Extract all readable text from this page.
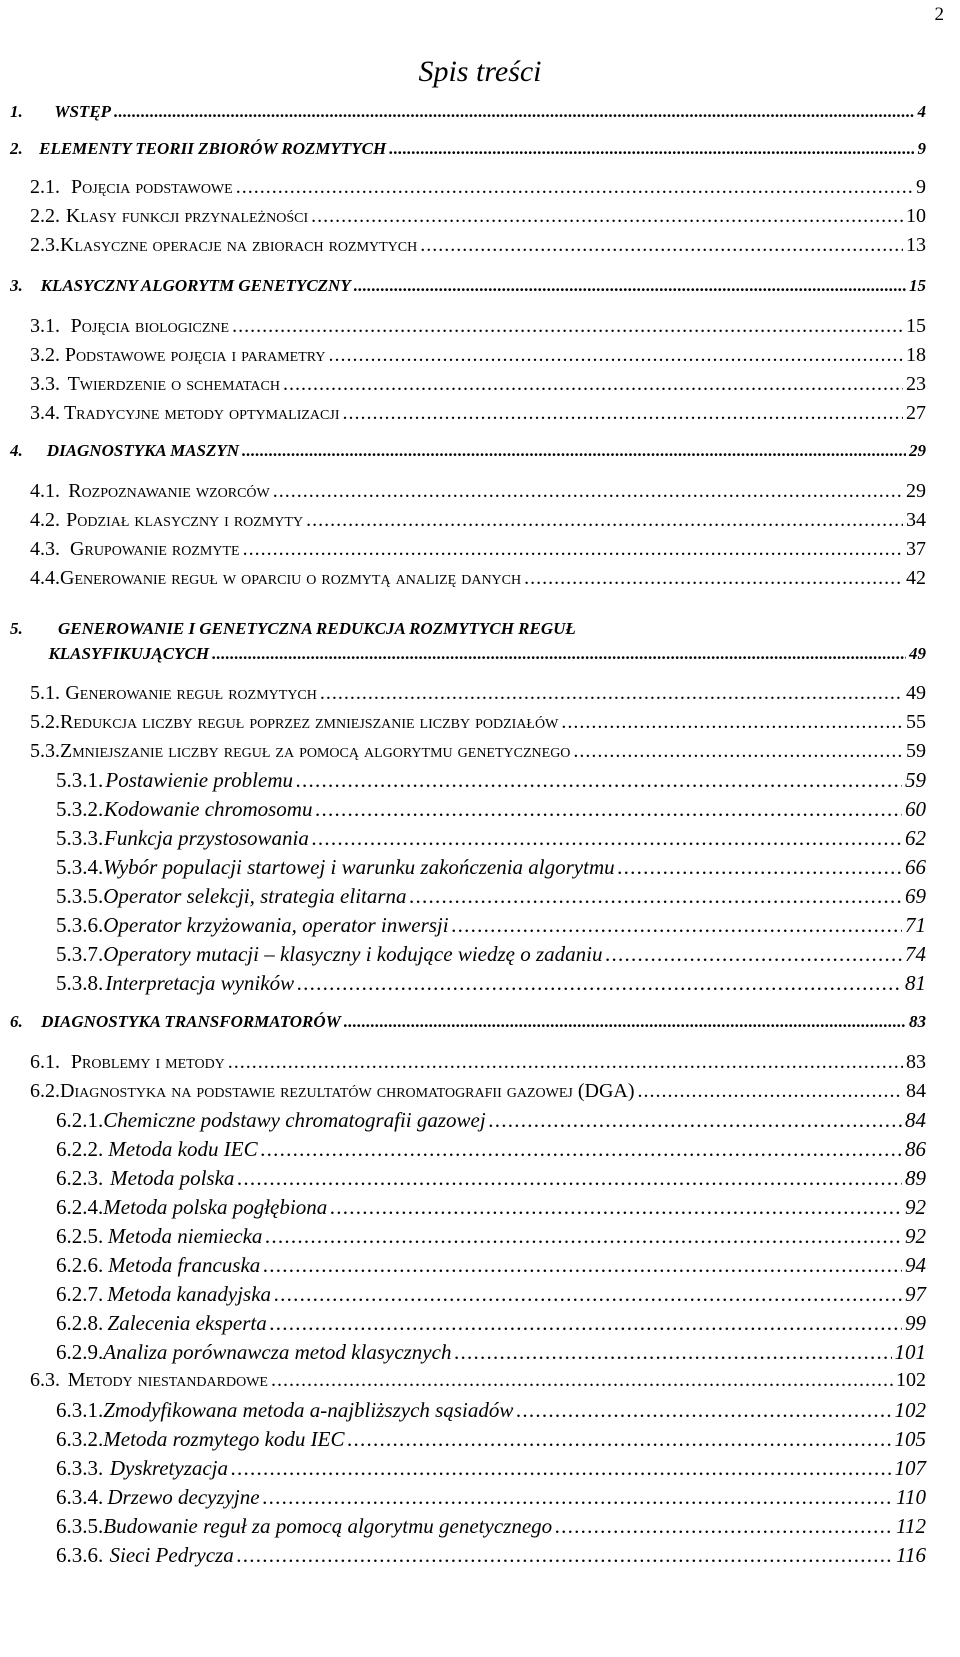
2
Spis treści
1.	WSTĘP . . .	4
2. ELEMENTY TEORII ZBIORÓW ROZMYTYCH . . .	9
2.1. Pojęcia podstawowe . . .	9
2.2. Klasy funkcji przynależności . . .	10
2.3. Klasyczne operacje na zbiorach rozmytych . . .	13
3.	KLASYCZNY ALGORYTM GENETYCZNY . . .	15
3.1. Pojęcia biologiczne . . .	15
3.2. Podstawowe pojęcia i parametry . . .	18
3.3. Twierdzenie o schematach . . .	23
3.4. Tradycyjne metody optymalizacji . . .	27
4.	DIAGNOSTYKA MASZYN . . .	29
4.1. Rozpoznawanie wzorców . . .	29
4.2. Podział klasyczny i rozmyty . . .	34
4.3. Grupowanie rozmyte . . .	37
4.4. Generowanie reguł w oparciu o rozmytą analizę danych . . .	42
5.	GENEROWANIE I GENETYCZNA REDUKCJA ROZMYTYCH REGUŁ
KLASYFIKUJĄCYCH . . .	49
5.1. Generowanie reguł rozmytych . . .	49
5.2. Redukcja liczby reguł poprzez zmniejszanie liczby podziałów . . .	55
5.3. Zmniejszanie liczby reguł za pomocą algorytmu genetycznego . . .	59
5.3.1. Postawienie problemu . . .	59
5.3.2. Kodowanie chromosomu . . .	60
5.3.3. Funkcja przystosowania . . .	62
5.3.4. Wybór populacji startowej i warunku zakończenia algorytmu . . .	66
5.3.5. Operator selekcji, strategia elitarna . . .	69
5.3.6. Operator krzyżowania, operator inwersji . . .	71
5.3.7. Operatory mutacji – klasyczny i kodujące wiedzę o zadaniu . . .	74
5.3.8. Interpretacja wyników . . .	81
6.	DIAGNOSTYKA TRANSFORMATORÓW . . .	83
6.1. Problemy i metody . . .	83
6.2. Diagnostyka na podstawie rezultatów chromatografii gazowej (DGA) . . .	84
6.2.1. Chemiczne podstawy chromatografii gazowej . . .	84
6.2.2. Metoda kodu IEC . . .	86
6.2.3. Metoda polska . . .	89
6.2.4. Metoda polska pogłębiona . . .	92
6.2.5. Metoda niemiecka . . .	92
6.2.6. Metoda francuska . . .	94
6.2.7. Metoda kanadyjska . . .	97
6.2.8. Zalecenia eksperta . . .	99
6.2.9. Analiza porównawcza metod klasycznych . . .	101
6.3. Metody niestandardowe . . .	102
6.3.1. Zmodyfikowana metoda a-najbliższych sąsiadów . . .	102
6.3.2. Metoda rozmytego kodu IEC . . .	105
6.3.3. Dyskretyzacja . . .	107
6.3.4. Drzewo decyzyjne . . .	110
6.3.5. Budowanie reguł za pomocą algorytmu genetycznego . . .	112
6.3.6. Sieci Pedrycza . . .	116
